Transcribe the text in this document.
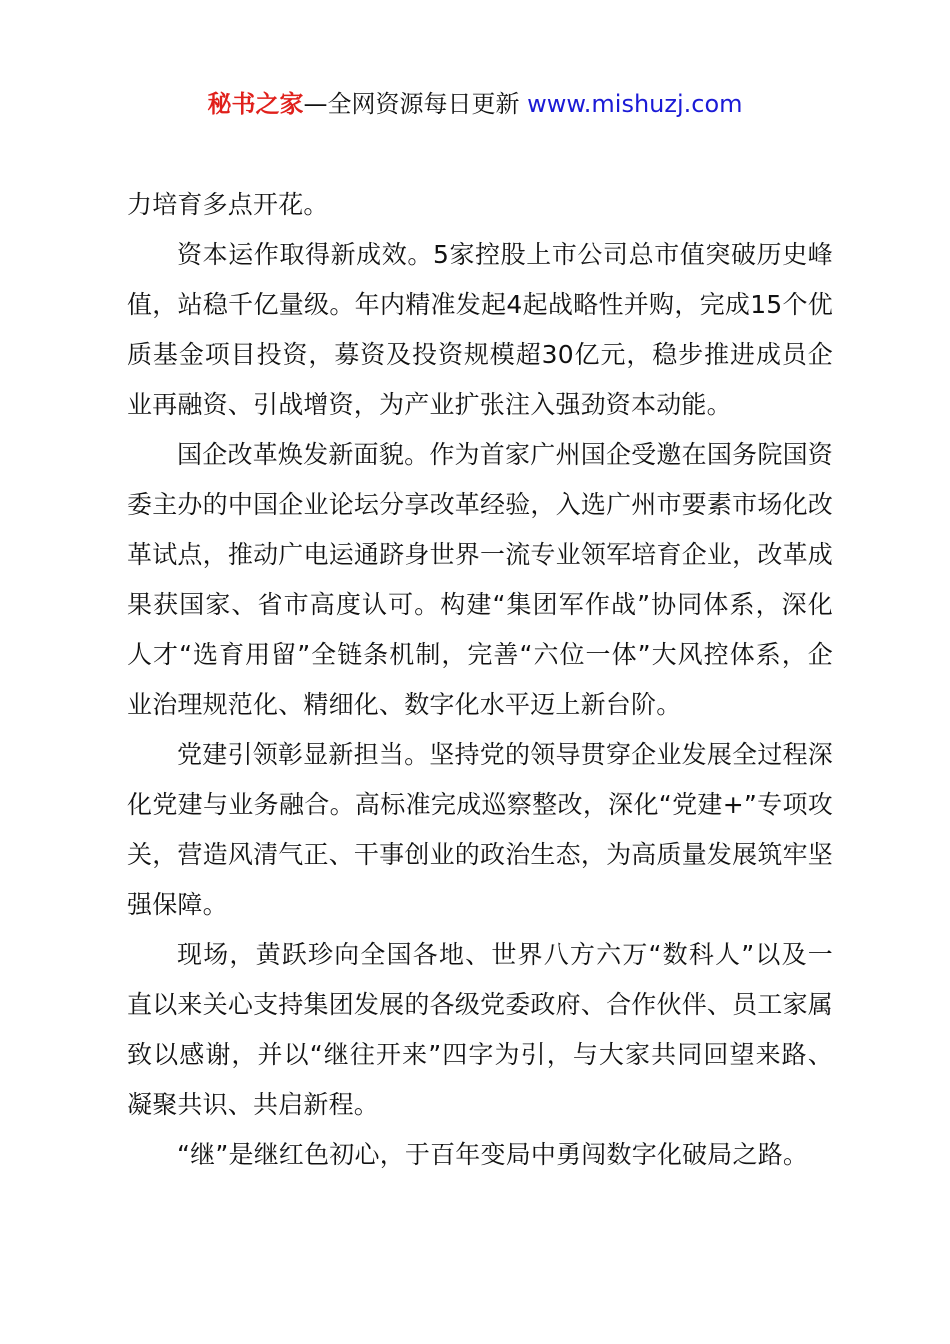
秘书之家—全网资源每日更新 www.mishuzj.com

力培育多点开花。

资本运作取得新成效。5家控股上市公司总市值突破历史峰值，站稳千亿量级。年内精准发起4起战略性并购，完成15个优质基金项目投资，募资及投资规模超30亿元，稳步推进成员企业再融资、引战增资，为产业扩张注入强劲资本动能。

国企改革焕发新面貌。作为首家广州国企受邀在国务院国资委主办的中国企业论坛分享改革经验，入选广州市要素市场化改革试点，推动广电运通跻身世界一流专业领军培育企业，改革成果获国家、省市高度认可。构建“集团军作战”协同体系，深化人才“选育用留”全链条机制，完善“六位一体”大风控体系，企业治理规范化、精细化、数字化水平迈上新台阶。

党建引领彰显新担当。坚持党的领导贯穿企业发展全过程深化党建与业务融合。高标准完成巡察整改，深化“党建+”专项攻关，营造风清气正、干事创业的政治生态，为高质量发展筑牢坚强保障。

现场，黄跃珍向全国各地、世界八方六万“数科人”以及一直以来关心支持集团发展的各级党委政府、合作伙伴、员工家属致以感谢，并以“继往开来”四字为引，与大家共同回望来路、凝聚共识、共启新程。

“继”是继红色初心，于百年变局中勇闯数字化破局之路。
